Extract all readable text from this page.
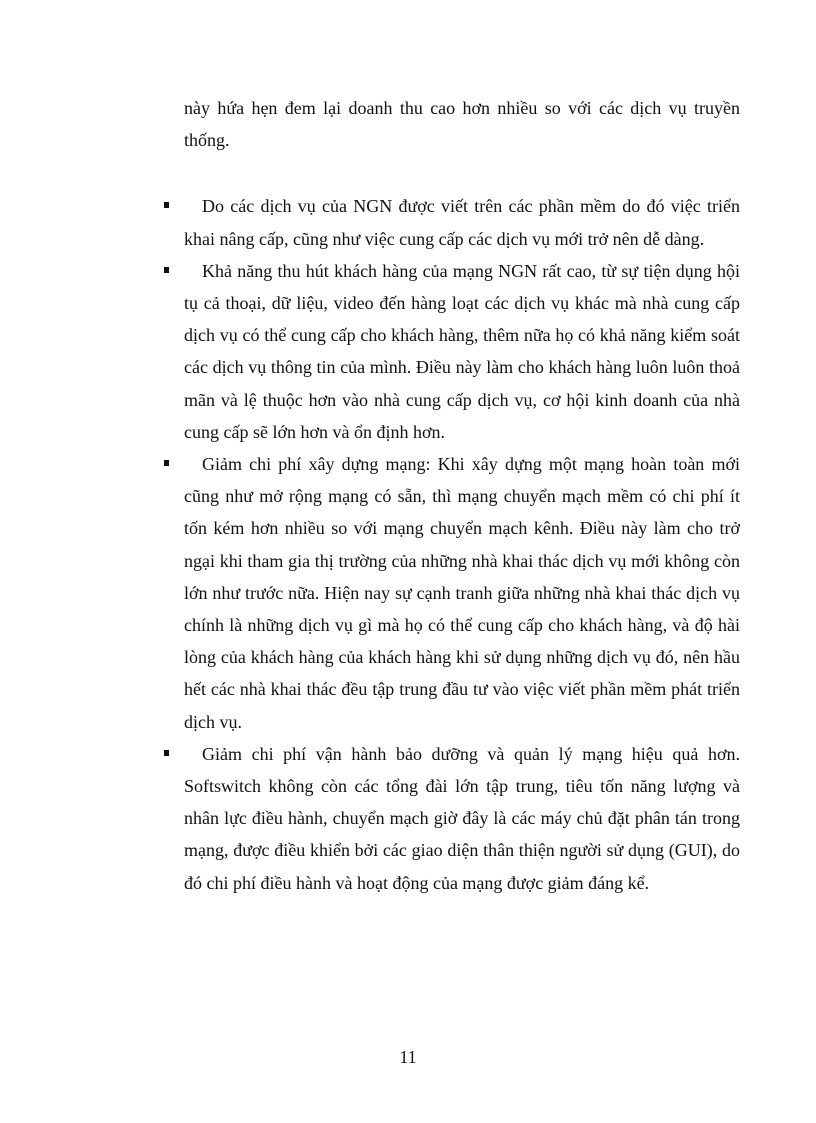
này hứa hẹn đem lại doanh thu cao hơn nhiều so với các dịch vụ truyền thống.

Do các dịch vụ của NGN được viết trên các phần mềm do đó việc triển khai nâng cấp, cũng như việc cung cấp các dịch vụ mới trở nên dễ dàng.
Khả năng thu hút khách hàng của mạng NGN rất cao, từ sự tiện dụng hội tụ cả thoại, dữ liệu, video đến hàng loạt các dịch vụ khác mà nhà cung cấp dịch vụ có thể cung cấp cho khách hàng, thêm nữa họ có khả năng kiểm soát các dịch vụ thông tin của mình. Điều này làm cho khách hàng luôn luôn thoả mãn và lệ thuộc hơn vào nhà cung cấp dịch vụ, cơ hội kinh doanh của nhà cung cấp sẽ lớn hơn và ổn định hơn.
Giảm chi phí xây dựng mạng: Khi xây dựng một mạng hoàn toàn mới cũng như mở rộng mạng có sẵn, thì mạng chuyển mạch mềm có chi phí ít tốn kém hơn nhiều so với mạng chuyển mạch kênh. Điều này làm cho trở ngại khi tham gia thị trường của những nhà khai thác dịch vụ mới không còn lớn như trước nữa. Hiện nay sự cạnh tranh giữa những nhà khai thác dịch vụ chính là những dịch vụ gì mà họ có thể cung cấp cho khách hàng, và độ hài lòng của khách hàng của khách hàng khi sử dụng những dịch vụ đó, nên hầu hết các nhà khai thác đều tập trung đầu tư vào việc viết phần mềm phát triển dịch vụ.
Giảm chi phí vận hành bảo dưỡng và quản lý mạng hiệu quả hơn. Softswitch không còn các tổng đài lớn tập trung, tiêu tốn năng lượng và nhân lực điều hành, chuyển mạch giờ đây là các máy chủ đặt phân tán trong mạng, được điều khiển bởi các giao diện thân thiện người sử dụng (GUI), do đó chi phí điều hành và hoạt động của mạng được giảm đáng kể.
11
